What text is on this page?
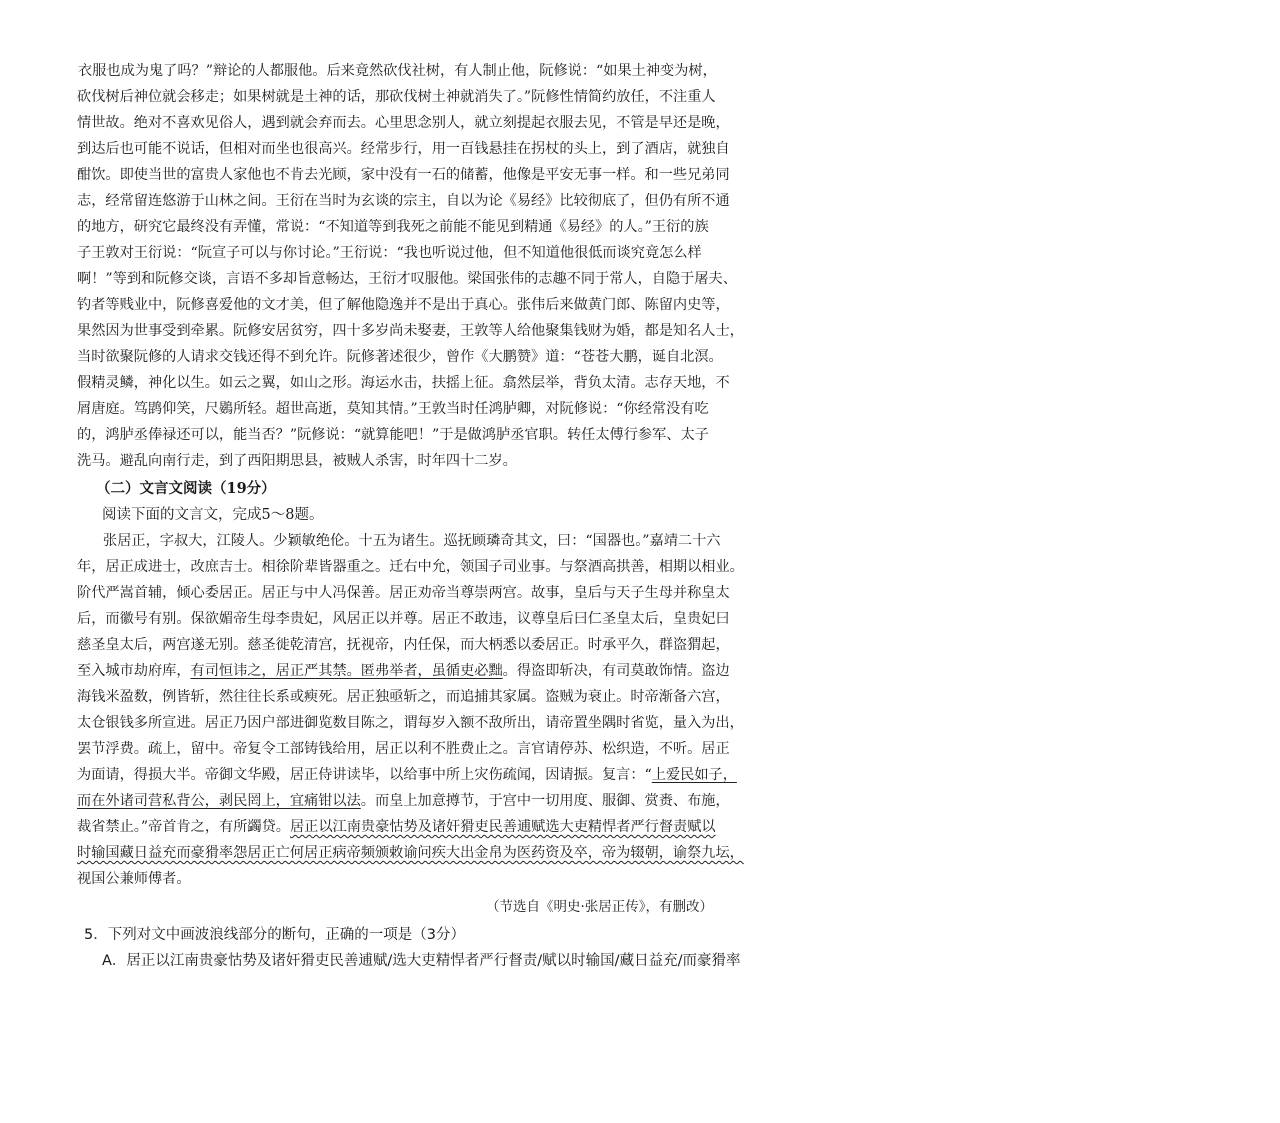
衣服也成为鬼了吗？”辩论的人都服他。后来竟然砍伐社树，有人制止他，阮修说：“如果土神变为树，
砍伐树后神位就会移走；如果树就是土神的话，那砍伐树土神就消失了。”阮修性情简约放任，不注重人
情世故。绝对不喜欢见俗人，遇到就会弃而去。心里思念别人，就立刻提起衣服去见，不管是早还是晚，
到达后也可能不说话，但相对而坐也很高兴。经常步行，用一百钱悬挂在拐杖的头上，到了酒店，就独自
酣饮。即使当世的富贵人家他也不肯去光顾，家中没有一石的储蓄，他像是平安无事一样。和一些兄弟同
志，经常留连悠游于山林之间。王衍在当时为玄谈的宗主，自以为论《易经》比较彻底了，但仍有所不通
的地方，研究它最终没有弄懂，常说：“不知道等到我死之前能不能见到精通《易经》的人。”王衍的族
子王敦对王衍说：“阮宣子可以与你讨论。”王衍说：“我也听说过他，但不知道他很低而谈究竟怎么样
啊！”等到和阮修交谈，言语不多却旨意畅达，王衍才叹服他。梁国张伟的志趣不同于常人，自隐于屠夫、
钓者等贱业中，阮修喜爱他的文才美，但了解他隐逸并不是出于真心。张伟后来做黄门郎、陈留内史等，
果然因为世事受到牵累。阮修安居贫穷，四十多岁尚未娶妻，王敦等人给他聚集钱财为婚，都是知名人士，
当时欲聚阮修的人请求交钱还得不到允许。阮修著述很少，曾作《大鹏赞》道：“苍苍大鹏，诞自北溟。
假精灵鳞，神化以生。如云之翼，如山之形。海运水击，扶摇上征。翕然层举，背负太清。志存天地，不
屑唐庭。笃鹍仰笑，尺鷃所轻。超世高逝，莫知其情。”王敦当时任鸿胪卿，对阮修说：“你经常没有吃
的，鸿胪丞俸禄还可以，能当否？”阮修说：“就算能吧！”于是做鸿胪丞官职。转任太傅行参军、太子
洗马。避乱向南行走，到了西阳期思县，被贼人杀害，时年四十二岁。
（二）文言文阅读（19分）
阅读下面的文言文，完成5～8题。
张居正，字叔大，江陵人。少颖敏绝伦。十五为诸生。巡抚顾璘奇其文，曰：“国器也。”嘉靖二十六
年，居正成进士，改庶吉士。相徐阶辈皆器重之。迁右中允，领国子司业事。与祭酒高拱善，相期以相业。
阶代严嵩首辅，倾心委居正。居正与中人冯保善。居正劝帝当尊崇两宫。故事，皇后与天子生母并称皇太
后，而徽号有别。保欲媚帝生母李贵妃，风居正以并尊。居正不敢违，议尊皇后曰仁圣皇太后，皇贵妃曰
慈圣皇太后，两宫遂无别。慈圣徙乾清宫，抚视帝，内任保，而大柄悉以委居正。时承平久，群盗猬起，
至入城市劫府库，有司恒讳之，居正严其禁。匿弗举者，虽循吏必黜。得盗即斩决，有司莫敢饰情。盗边
海钱米盈数，例皆斩，然往往长系或瘐死。居正独亟斩之，而追捕其家属。盗贼为衰止。时帝渐备六宫，
太仓银钱多所宣进。居正乃因户部进御览数目陈之，谓每岁入额不敌所出，请帝置坐隅时省览，量入为出，
罢节浮费。疏上，留中。帝复令工部铸钱给用，居正以利不胜费止之。言官请停苏、松织造，不听。居正
为面请，得损大半。帝御文华殿，居正侍讲读毕，以给事中所上灾伤疏闻，因请振。复言：“上爱民如子，
而在外诸司营私背公，剥民罔上，宜痛钳以法。而皇上加意撙节，于宫中一切用度、服御、赏赉、布施，
裁省禁止。”帝首肯之，有所蠲贷。居正以江南贵豪怙势及诸奸猾吏民善逋赋选大吏精悍者严行督责赋以
时输国藏日益充而豪猾率怨居正亡何居正病帝频颁敕谕问疾大出金帛为医药资及卒，帝为辍朝，谕祭九坛，
视国公兼师傅者。
（节选自《明史·张居正传》，有删改）
5．下列对文中画波浪线部分的断句，正确的一项是（3分）
A．居正以江南贵豪怙势及诸奸猾吏民善逋赋/选大吏精悍者严行督责/赋以时输国/藏日益充/而豪猾率
